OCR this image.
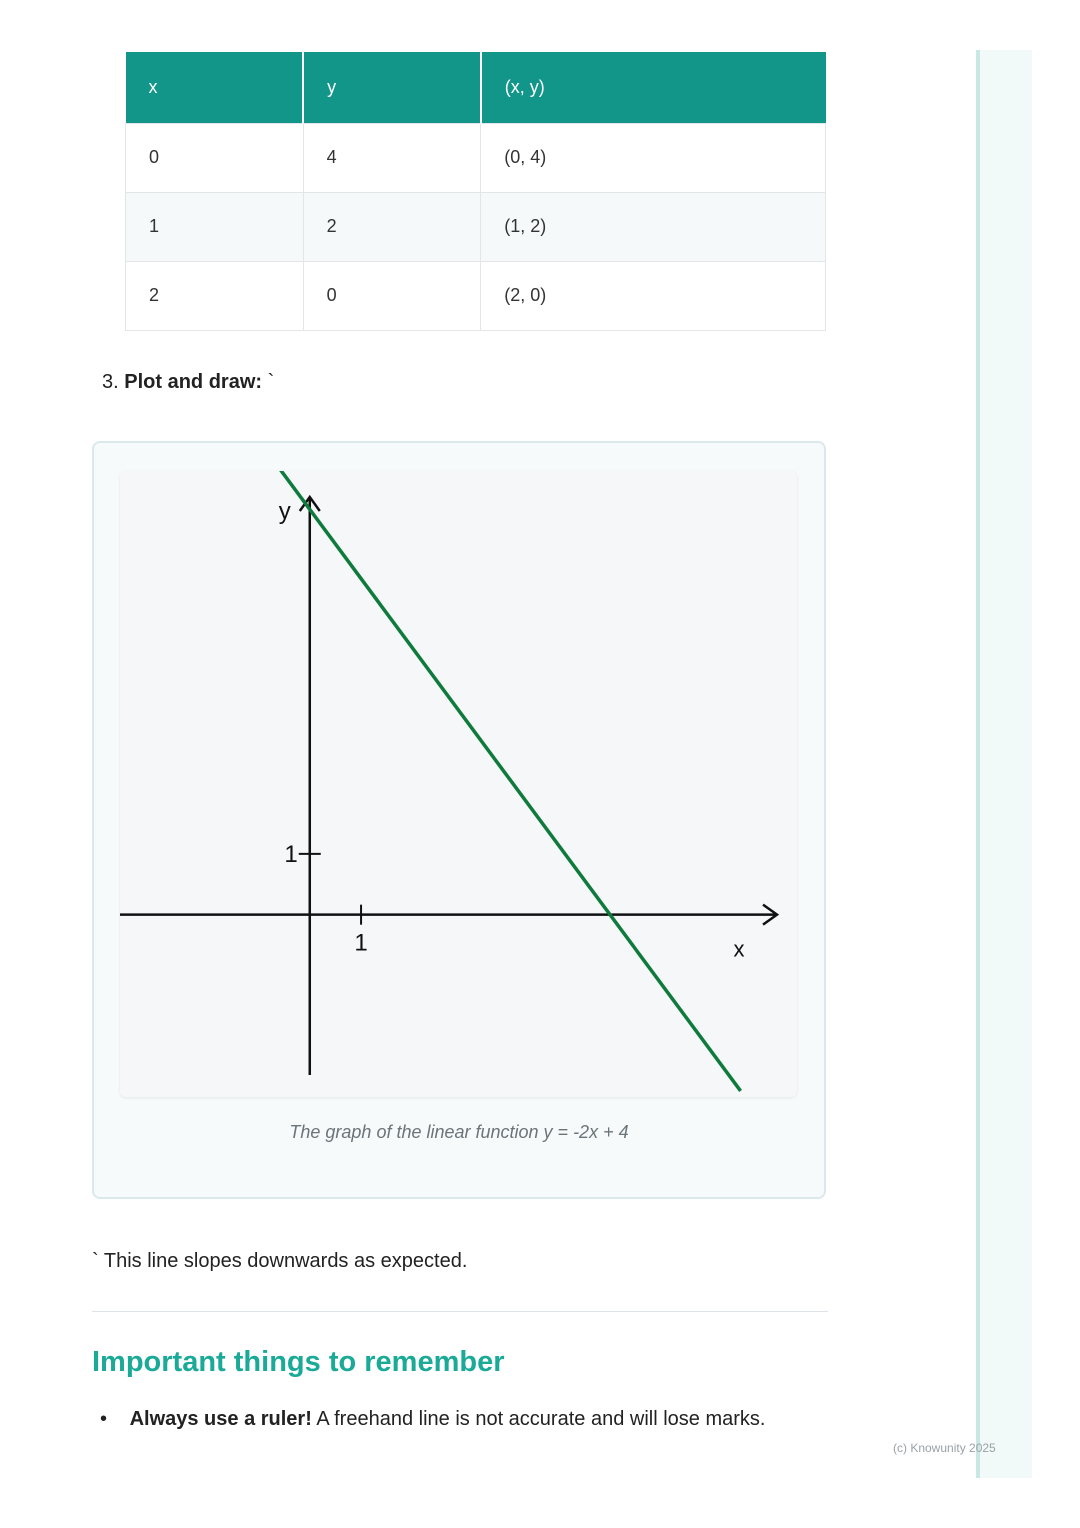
x	y	(x, y)
0	4	(0, 4)
1	2	(1, 2)
2	0	(2, 0)
3. Plot and draw: `
1
1
x
y
The graph of the linear function y = -2x + 4
` This line slopes downwards as expected.
Important things to remember
• Always use a ruler! A freehand line is not accurate and will lose marks.
(c) Knowunity 2025
